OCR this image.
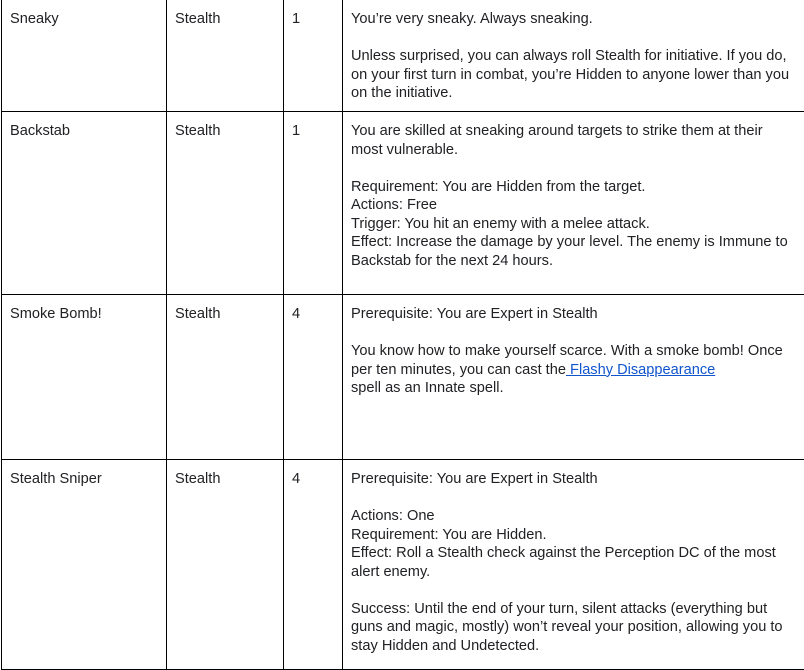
Sneaky	Stealth	1	You’re very sneaky. Always sneaking.

Unless surprised, you can always roll Stealth for initiative. If you do, on your first turn in combat, you’re Hidden to anyone lower than you on the initiative.

Backstab	Stealth	1	You are skilled at sneaking around targets to strike them at their most vulnerable.

Requirement: You are Hidden from the target.
Actions: Free
Trigger: You hit an enemy with a melee attack.
Effect: Increase the damage by your level. The enemy is Immune to Backstab for the next 24 hours.

Smoke Bomb!	Stealth	4	Prerequisite: You are Expert in Stealth

You know how to make yourself scarce. With a smoke bomb! Once per ten minutes, you can cast the Flashy Disappearance
spell as an Innate spell.

Stealth Sniper	Stealth	4	Prerequisite: You are Expert in Stealth

Actions: One
Requirement: You are Hidden.
Effect: Roll a Stealth check against the Perception DC of the most alert enemy.

Success: Until the end of your turn, silent attacks (everything but guns and magic, mostly) won’t reveal your position, allowing you to stay Hidden and Undetected.
